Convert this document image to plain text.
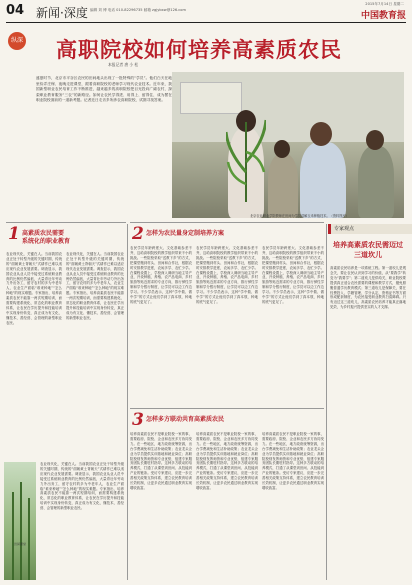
04 新闻·深度 编辑 刘 博 电话 010-82296735 邮箱 zgjybxw@126.com
2015年7月14日 星期二
中国教育报
纵深 高职院校如何培养高素质农民
本报记者 唐 小 松
盛夏时节，北京市平谷区农民的田间地头出现了一批特殊的“学员”。他们白天在地里侍弄庄稼、夜晚走进课堂，跟着高职院校的老师学习现代农业技术。近年来，我国新型职业农民培育工作不断推进，越来越多的高职院校把目光投向广阔农村，探索职业教育服务“三农”的新路径。如何让农民学得进、用得上、留得住，成为摆在职业院校面前的一道新考题。记者近日走访多所涉农高职院校，试图寻找答案。
北京农业职业学院教师在田间为学员讲解玉米种植技术。（资料图片）
1 高素质农民需要
系统化的职业教育
农业现代化，关键在人。当前我国农业正处于转型升级的关键时期，传统的“面朝黄土背朝天”式耕作已难以适应现代农业发展需要。调查显示，我国农业从业人员中接受过系统职业教育的比例仍然偏低，大量青壮年劳动力外出务工，留守农村的多为中老年人，农业生产面临“谁来种地”“怎么种地”的现实难题。专家指出，培养高素质农民不能靠一两次短期培训，而需要构建系统化、常态化的职业教育体系，让农民在学历提升和技能培训中实现身份转变，真正成为有文化、懂技术、善经营、会管理的新型职业农民。
农业现代化，关键在人。当前我国农业正处于转型升级的关键时期，传统的“面朝黄土背朝天”式耕作已难以适应现代农业发展需要。调查显示，我国农业从业人员中接受过系统职业教育的比例仍然偏低，大量青壮年劳动力外出务工，留守农村的多为中老年人，农业生产面临“谁来种地”“怎么种地”的现实难题。专家指出，培养高素质农民不能靠一两次短期培训，而需要构建系统化、常态化的职业教育体系，让农民在学历提升和技能培训中实现身份转变，真正成为有文化、懂技术、善经营、会管理的新型职业农民。
农业现代化，关键在人。当前我国农业正处于转型升级的关键时期，传统的“面朝黄土背朝天”式耕作已难以适应现代农业发展需要。调查显示，我国农业从业人员中接受过系统职业教育的比例仍然偏低，大量青壮年劳动力外出务工，留守农村的多为中老年人，农业生产面临“谁来种地”“怎么种地”的现实难题。专家指出，培养高素质农民不能靠一两次短期培训，而需要构建系统化、常态化的职业教育体系，让农民在学历提升和技能培训中实现身份转变，真正成为有文化、懂技术、善经营、会管理的新型职业农民。
田间课堂
2 怎样为农民量身定制培养方案
农民学员年龄跨度大、文化基础参差不齐，这给高职院校的教学组织带来不小的挑战。一些院校采取“送教下乡”的方式，把课堂搬到村头、田间和合作社，根据农时安排教学进度，农闲多学、农忙少学。在课程设置上，学校深入调研当地主导产业，开设种植、养殖、农产品电商、乡村旅游等贴近需求的专业方向，推行弹性学制和学分银行制度，让学员可以边工作边学习。不少学员表示，这种“学中做、做中学”的方式让他们学到了真本领，种地的底气更足了。
农民学员年龄跨度大、文化基础参差不齐，这给高职院校的教学组织带来不小的挑战。一些院校采取“送教下乡”的方式，把课堂搬到村头、田间和合作社，根据农时安排教学进度，农闲多学、农忙少学。在课程设置上，学校深入调研当地主导产业，开设种植、养殖、农产品电商、乡村旅游等贴近需求的专业方向，推行弹性学制和学分银行制度，让学员可以边工作边学习。不少学员表示，这种“学中做、做中学”的方式让他们学到了真本领，种地的底气更足了。
农民学员年龄跨度大、文化基础参差不齐，这给高职院校的教学组织带来不小的挑战。一些院校采取“送教下乡”的方式，把课堂搬到村头、田间和合作社，根据农时安排教学进度，农闲多学、农忙少学。在课程设置上，学校深入调研当地主导产业，开设种植、养殖、农产品电商、乡村旅游等贴近需求的专业方向，推行弹性学制和学分银行制度，让学员可以边工作边学习。不少学员表示，这种“学中做、做中学”的方式让他们学到了真本领，种地的底气更足了。
3 怎样多方联动共育高素质农民
培养高素质农民不是职业院校一家的事，需要政府、院校、企业和农民多方协同发力。在一些地区，地方政府统筹资源，出台学费减免和生活补助政策；农业龙头企业为学员提供实训基地和就业岗位；高职院校则发挥师资和专业优势，组建专家服务团队长期驻村指导。这种多方联动的培养模式，打通了从课堂到田间、从技能到产业的链条。受访专家建议，应进一步完善相关政策支持体系，建立农民教育培训长效机制，让更多农民通过职业教育实现增收致富。
培养高素质农民不是职业院校一家的事，需要政府、院校、企业和农民多方协同发力。在一些地区，地方政府统筹资源，出台学费减免和生活补助政策；农业龙头企业为学员提供实训基地和就业岗位；高职院校则发挥师资和专业优势，组建专家服务团队长期驻村指导。这种多方联动的培养模式，打通了从课堂到田间、从技能到产业的链条。受访专家建议，应进一步完善相关政策支持体系，建立农民教育培训长效机制，让更多农民通过职业教育实现增收致富。
培养高素质农民不是职业院校一家的事，需要政府、院校、企业和农民多方协同发力。在一些地区，地方政府统筹资源，出台学费减免和生活补助政策；农业龙头企业为学员提供实训基地和就业岗位；高职院校则发挥师资和专业优势，组建专家服务团队长期驻村指导。这种多方联动的培养模式，打通了从课堂到田间、从技能到产业的链条。受访专家建议，应进一步完善相关政策支持体系，建立农民教育培训长效机制，让更多农民通过职业教育实现增收致富。
专家观点
培养高素质农民需迈过三道坎儿
高素质农民培养是一项系统工程。第一道坎儿是观念关，要让农民认识到学习的价值，从“要我学”转变为“我要学”；第二道坎儿是供给关，职业院校要提供真正适合农民需要的课程和教学方式，避免照搬普通学历教育模式；第三道坎儿是保障关，要在经费投入、学籍管理、学分认定、资格证书等方面形成配套制度，为农民接受职业教育扫清障碍。只有迈过这三道坎儿，高素质农民培养才能真正落地见效，为乡村振兴提供坚实的人才支撑。
